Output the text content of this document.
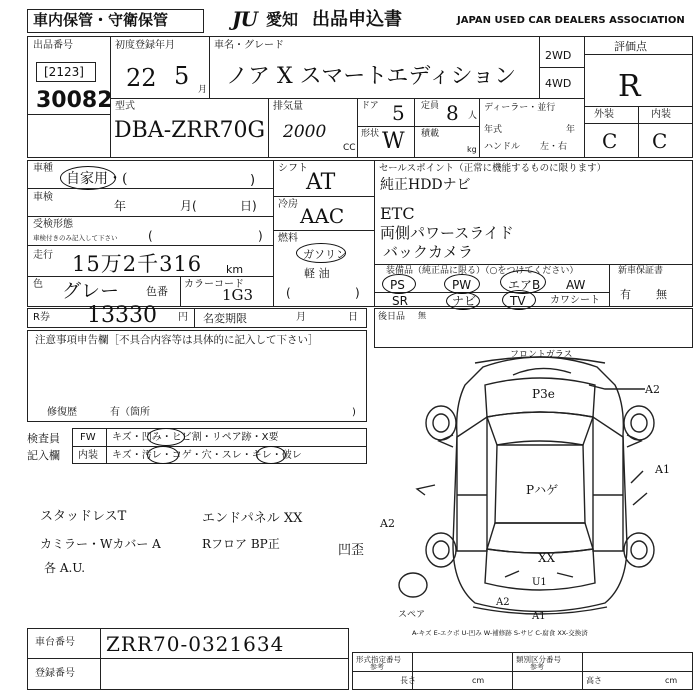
車内保管・守衛保管	JU 愛知 出品申込書	JAPAN USED CAR DEALERS ASSOCIATION
出品番号
[2123]
30082
初度登録年月
22 5 月
車名・グレード
ノア X スマートエディション
2WD
4WD
評価点
R
外装	内装
C C
型式
DBA-ZRR70G
排気量
2000
CC
ドア 5 定員 8 人
形状 W 積載
kg
ディーラー・並行
年式	年
ハンドル 左・右
車種
自家用・(	)
車検
年	月(	日)
受検形態
車検付きのみ記入して下さい	(	)
走行 15万2千316 km
色 グレー 色番
カラーコード
1G3
シフト
AT
冷房 AAC
燃料
ガソリン
軽 油
(	)
セールスポイント（正常に機能するものに限ります）
純正HDDナビ
ETC
両側パワースライド
バックカメラ
装備品（純正品に限る）（○をつけてください）
PS	PW	エアB AW
SR	ナビ	TV カワシート
新車保証書
有 無
R券 13330 円 名変期限	月	日 後日品 無
注意事項申告欄［不具合内容等は具体的に記入して下さい］
修復歴	有（箇所	)
検査員
記入欄
FW キズ・凹み・ヒビ割・リペア跡・X要
内装 キズ・汚レ・コゲ・穴・スレ・キレ・破レ
スタッドレスT	エンドパネル XX
カミラー・Wカバー A	Rフロア BP正	凹歪
各 A.U.
フロントガラス
P3e	A2
A1
Pハゲ
A2
XX
U1
A2
A1
スペア
A-キズ E-エクボ U-凹み W-補修跡 S-サビ C-腐食 XX-交換済
車台番号 ZRR70-0321634
登録番号
形式指定番号
参考
類別区分番号
参考
長さ	cm	高さ	cm
